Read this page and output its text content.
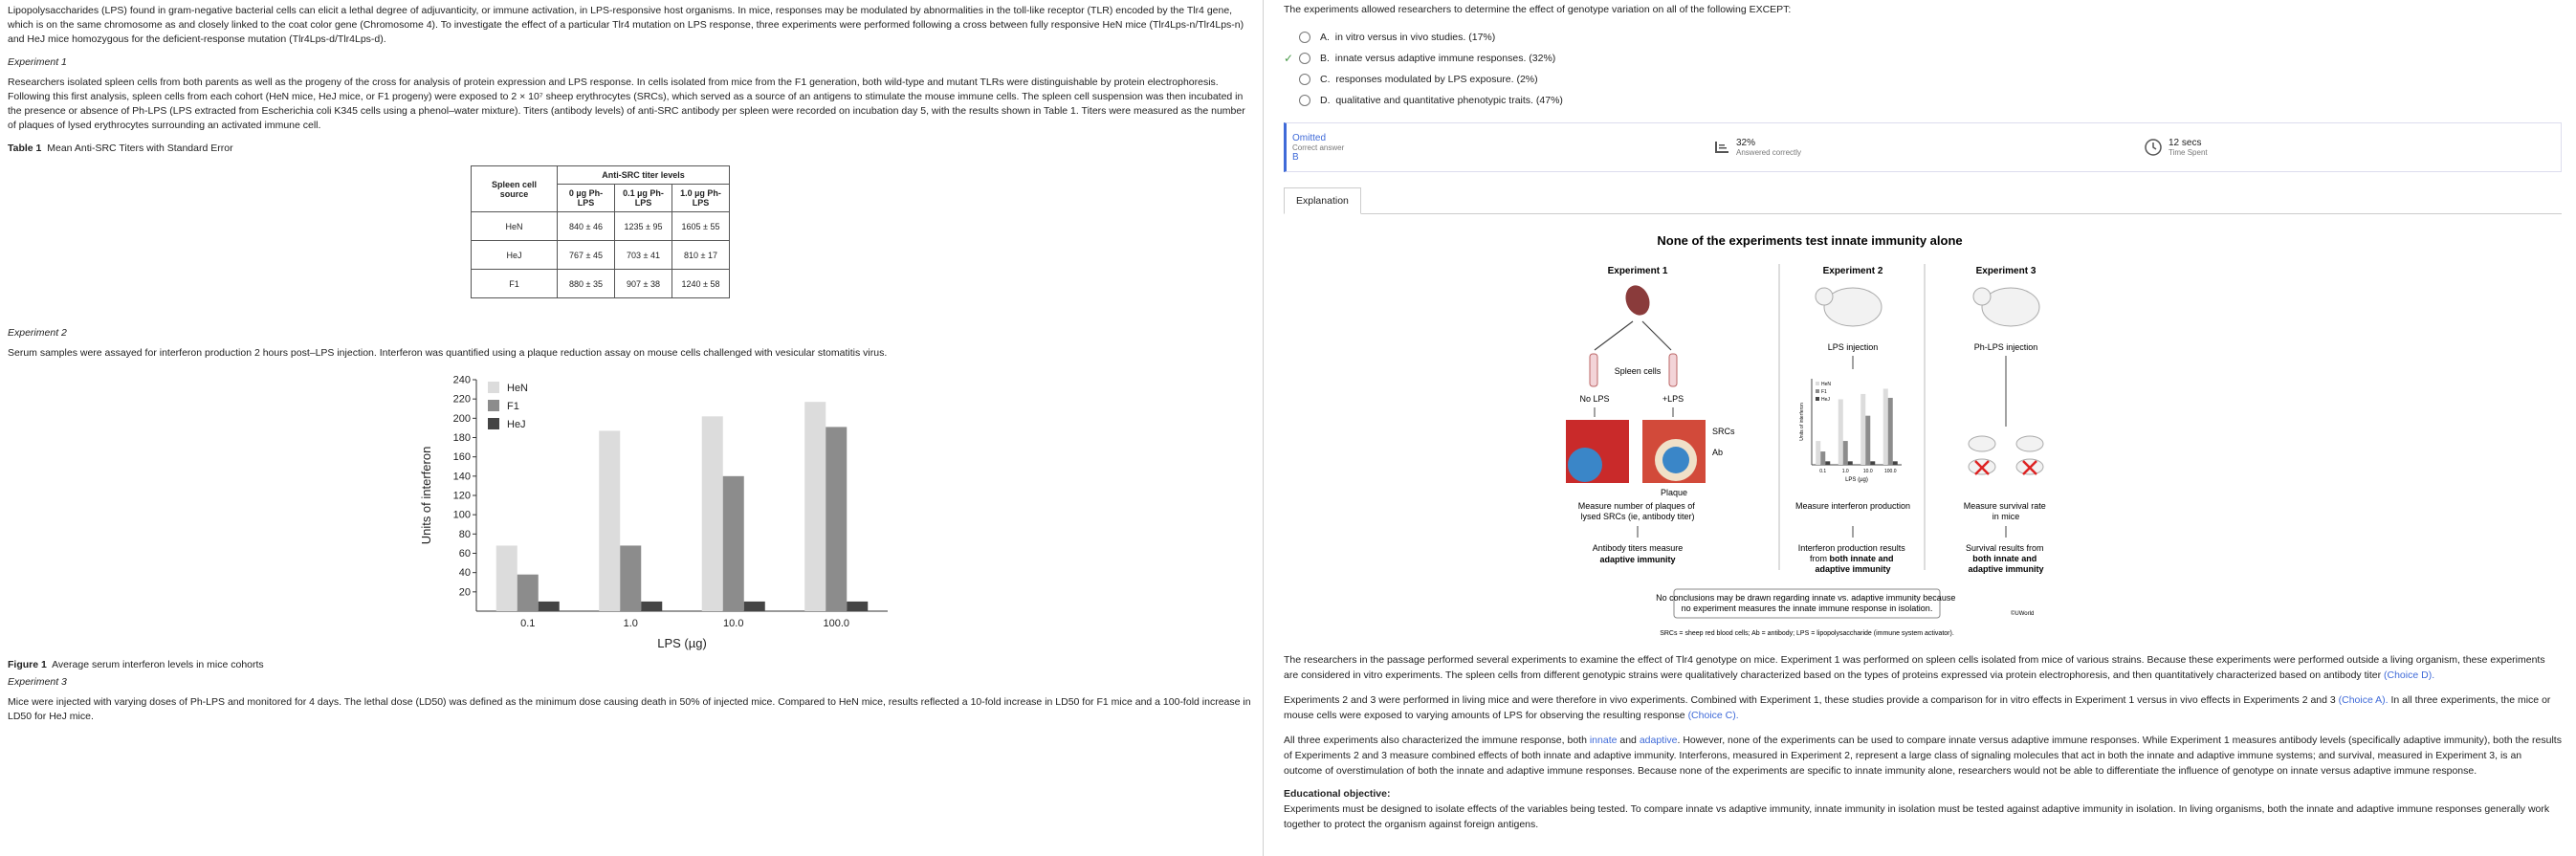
Lipopolysaccharides (LPS) found in gram-negative bacterial cells can elicit a lethal degree of adjuvanticity, or immune activation, in LPS-responsive host organisms. In mice, responses may be modulated by abnormalities in the toll-like receptor (TLR) encoded by the Tlr4 gene, which is on the same chromosome as and closely linked to the coat color gene (Chromosome 4). To investigate the effect of a particular Tlr4 mutation on LPS response, three experiments were performed following a cross between fully responsive HeN mice (Tlr4Lps-n/Tlr4Lps-n) and HeJ mice homozygous for the deficient-response mutation (Tlr4Lps-d/Tlr4Lps-d).

Experiment 1

Researchers isolated spleen cells from both parents as well as the progeny of the cross for analysis of protein expression and LPS response. In cells isolated from mice from the F1 generation, both wild-type and mutant TLRs were distinguishable by protein electrophoresis. Following this first analysis, spleen cells from each cohort (HeN mice, HeJ mice, or F1 progeny) were exposed to 2 × 10⁷ sheep erythrocytes (SRCs), which served as a source of an antigens to stimulate the mouse immune cells. The spleen cell suspension was then incubated in the presence or absence of Ph-LPS (LPS extracted from Escherichia coli K345 cells using a phenol–water mixture). Titers (antibody levels) of anti-SRC antibody per spleen were recorded on incubation day 5, with the results shown in Table 1. Titers were measured as the number of plaques of lysed erythrocytes surrounding an activated immune cell.

Table 1 Mean Anti-SRC Titers with Standard Error
Spleen cell source	Anti-SRC titer levels		
	0 µg Ph-LPS	0.1 µg Ph-LPS	1.0 µg Ph-LPS
HeN	840 ± 46	1235 ± 95	1605 ± 55
HeJ	767 ± 45	703 ± 41	810 ± 17
F1	880 ± 35	907 ± 38	1240 ± 58
Experiment 2

Serum samples were assayed for interferon production 2 hours post–LPS injection. Interferon was quantified using a plaque reduction assay on mouse cells challenged with vesicular stomatitis virus.

20
40
60
80
100
120
140
160
180
200
220
240
0.1	1.0	10.0	100.0
LPS (µg)
Units of interferon
HeN
F1
HeJ
Figure 1 Average serum interferon levels in mice cohorts
Experiment 3

Mice were injected with varying doses of Ph-LPS and monitored for 4 days. The lethal dose (LD50) was defined as the minimum dose causing death in 50% of injected mice. Compared to HeN mice, results reflected a 10-fold increase in LD50 for F1 mice and a 100-fold increase in LD50 for HeJ mice.

The experiments allowed researchers to determine the effect of genotype variation on all of the following EXCEPT:
A.
in vitro versus in vivo studies.
(17%)
✓	B.
innate versus adaptive immune responses.
(32%)
C.
responses modulated by LPS exposure.
(2%)
D.
qualitative and quantitative phenotypic traits.
(47%)
Omitted
Correct answer
B
32%
Answered correctly
12 secs
Time Spent
Explanation
None of the experiments test innate immunity alone
Experiment 1	Experiment 2	Experiment 3
Spleen cells
No LPS	+LPS
SRCs
Ab
Plaque
Measure number of plaques of lysed SRCs (ie, antibody titer)
Antibody titers measure
adaptive immunity
LPS injection
HeN
F1
HeJ
Units of interferon
LPS (µg)
0.1	1.0	10.0 100.0
Measure interferon production
Interferon production results from both innate and adaptive immunity
Ph-LPS injection
Measure survival rate in mice
Survival results from both innate and adaptive immunity
No conclusions may be drawn regarding innate vs. adaptive immunity because no experiment measures the innate immune response in isolation.
©UWorld
SRCs = sheep red blood cells; Ab = antibody; LPS = lipopolysaccharide (immune system activator).

The researchers in the passage performed several experiments to examine the effect of Tlr4 genotype on mice. Experiment 1 was performed on spleen cells isolated from mice of various strains. Because these experiments were performed outside a living organism, these experiments are considered in vitro experiments. The spleen cells from different genotypic strains were qualitatively characterized based on the types of proteins expressed via protein electrophoresis, and then quantitatively characterized based on antibody titer (Choice D).

Experiments 2 and 3 were performed in living mice and were therefore in vivo experiments. Combined with Experiment 1, these studies provide a comparison for in vitro effects in Experiment 1 versus in vivo effects in Experiments 2 and 3 (Choice A). In all three experiments, the mice or mouse cells were exposed to varying amounts of LPS for observing the resulting response (Choice C).

All three experiments also characterized the immune response, both innate and adaptive. However, none of the experiments can be used to compare innate versus adaptive immune responses. While Experiment 1 measures antibody levels (specifically adaptive immunity), both the results of Experiments 2 and 3 measure combined effects of both innate and adaptive immunity. Interferons, measured in Experiment 2, represent a large class of signaling molecules that act in both the innate and adaptive immune systems; and survival, measured in Experiment 3, is an outcome of overstimulation of both the innate and adaptive immune responses. Because none of the experiments are specific to innate immunity alone, researchers would not be able to differentiate the influence of genotype on innate versus adaptive immune response.

Educational objective:

Experiments must be designed to isolate effects of the variables being tested. To compare innate vs adaptive immunity, innate immunity in isolation must be tested against adaptive immunity in isolation. In living organisms, both the innate and adaptive immune responses generally work together to protect the organism against foreign antigens.
